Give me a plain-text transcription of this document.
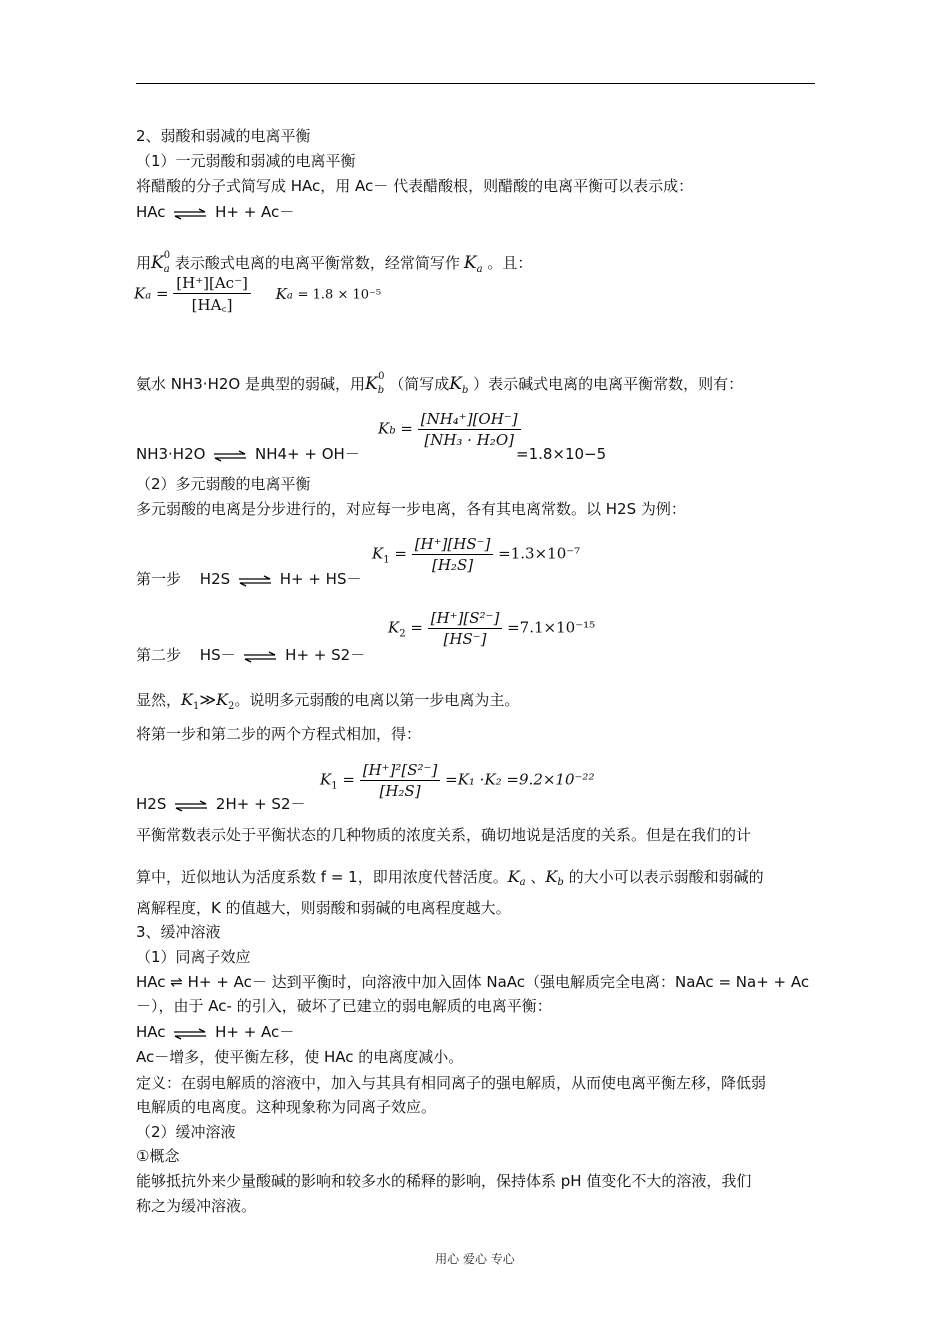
2、弱酸和弱减的电离平衡
（1）一元弱酸和弱减的电离平衡
将醋酸的分子式简写成 HAc，用 Ac－ 代表醋酸根，则醋酸的电离平衡可以表示成：
HAc ⇌ H+ + Ac－
用$K_a^0$ 表示酸式电离的电离平衡常数，经常简写作 $K_a$ 。且：
$Ka = \frac{[H^+][Ac^-]}{[HA꜀]}$ Ka = 1.8 × 10⁻⁵
氨水 NH3·H2O 是典型的弱碱，用$K_b^0$ （简写成$K_b$ ）表示碱式电离的电离平衡常数，则有：
$Kb = \frac{\text{[NH₄⁺][OH⁻]}}{\text{[NH₃ · H₂O]}}$
NH3·H2O ⇌ NH4+ + OH－	=1.8×10−5
（2）多元弱酸的电离平衡
多元弱酸的电离是分步进行的，对应每一步电离，各有其电离常数。以 H2S 为例：
$K_1 = \frac{[H^+][HS^-]}{\text{[H₂S]}} =1.3\times 10^{-7}$
第一步 H2S ⇌ H+ + HS－
$K_2 = \frac{\text{[H⁺][S²⁻]}}{[HS^-]} =7.1\times 10^{-15}$
第二步 HS－ ⇌ H+ + S2－
显然，$K_1≫K_2$。说明多元弱酸的电离以第一步电离为主。
将第一步和第二步的两个方程式相加，得：
$K_1 = \frac{\text{[H⁺]²[S²⁻]}}{\text{[H₂S]}} =K_1 \cdot K_2 =9.2\times 10^{-22}$
H2S ⇌ 2H+ + S2－
平衡常数表示处于平衡状态的几种物质的浓度关系，确切地说是活度的关系。但是在我们的计
算中，近似地认为活度系数 f = 1，即用浓度代替活度。$K_a$ 、$K_b$ 的大小可以表示弱酸和弱碱的
离解程度，K 的值越大，则弱酸和弱碱的电离程度越大。
3、缓冲溶液
（1）同离子效应
HAc ⇌ H+ + Ac－ 达到平衡时，向溶液中加入固体 NaAc（强电解质完全电离：NaAc = Na+ + Ac
－），由于 Ac- 的引入，破坏了已建立的弱电解质的电离平衡：
HAc ⇌ H+ + Ac－
Ac－增多，使平衡左移，使 HAc 的电离度减小。
定义：在弱电解质的溶液中，加入与其具有相同离子的强电解质，从而使电离平衡左移，降低弱
电解质的电离度。这种现象称为同离子效应。
（2）缓冲溶液
①概念
能够抵抗外来少量酸碱的影响和较多水的稀释的影响，保持体系 pH 值变化不大的溶液，我们
称之为缓冲溶液。
用心 爱心 专心
